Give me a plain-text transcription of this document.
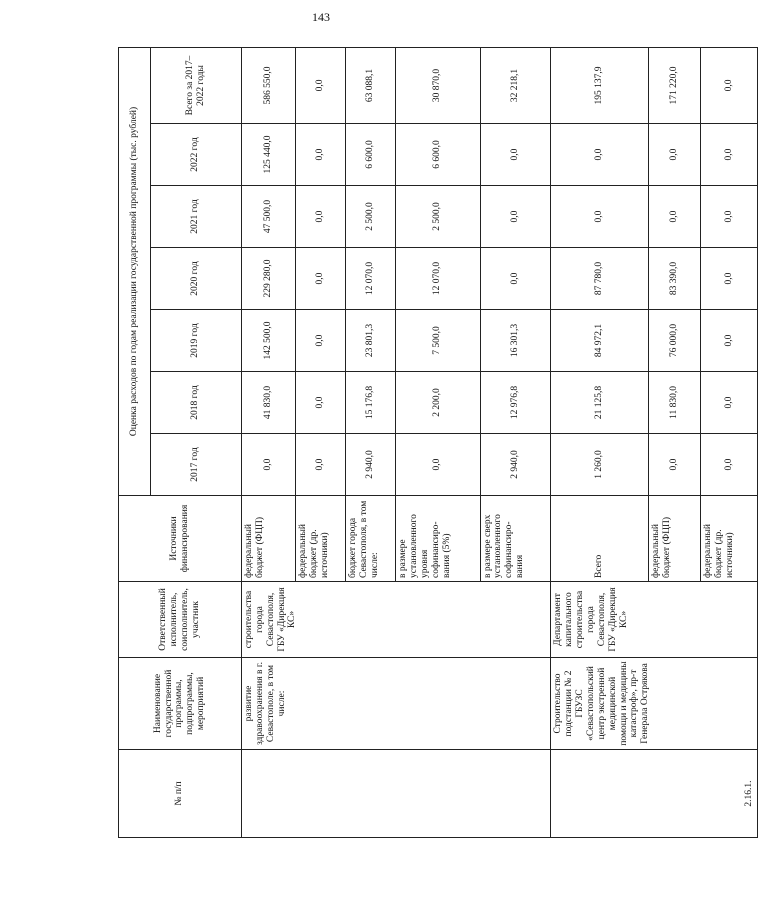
143
№ п/п	Наименование государственной программы, подпрограммы, мероприятий	Ответственный исполнитель, соисполнитель, участник	Источники финансирования	Оценка расходов по годам реализации государственной программы (тыс. рублей)						
				2017 год	2018 год	2019 год	2020 год	2021 год	2022 год	Всего за 2017–2022 годы
	развитие здравоохранения в г. Севастополе, в том числе:	строительства города Севастополя, ГБУ «Дирекция КС»	федеральный бюджет (ФЦП)	0,0	41 830,0	142 500,0	229 280,0	47 500,0	125 440,0	586 550,0
			федеральный бюджет (др. источники)	0,0	0,0	0,0	0,0	0,0	0,0	0,0
			бюджет города Севастополя, в том числе:	2 940,0	15 176,8	23 801,3	12 070,0	2 500,0	6 600,0	63 088,1
			в размере установленного уровня софинансиро-вания (5%)	0,0	2 200,0	7 500,0	12 070,0	2 500,0	6 600,0	30 870,0
			в размере сверх установленного софинансиро-вания	2 940,0	12 976,8	16 301,3	0,0	0,0	0,0	32 218,1
2.16.1.	Строительство подстанции № 2 ГБУЗС «Севастопольский центр экстренной медицинской помощи и медицины катастроф», пр-т Генерала Острякова	Департамент капитального строительства города Севастополя, ГБУ «Дирекция КС»	Всего	1 260,0	21 125,8	84 972,1	87 780,0	0,0	0,0	195 137,9
			федеральный бюджет (ФЦП)	0,0	11 830,0	76 000,0	83 390,0	0,0	0,0	171 220,0
			федеральный бюджет (др. источники)	0,0	0,0	0,0	0,0	0,0	0,0	0,0
